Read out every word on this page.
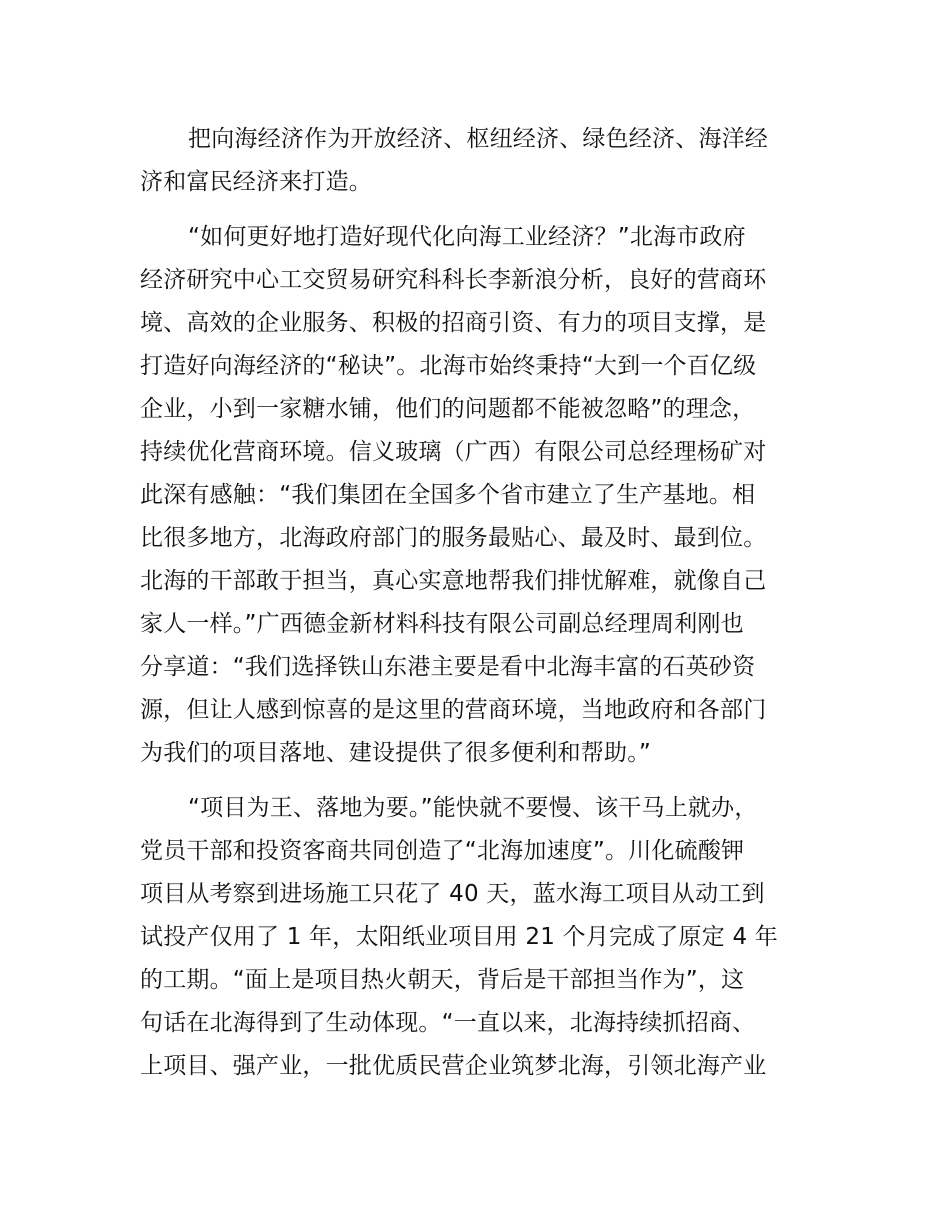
把向海经济作为开放经济、枢纽经济、绿色经济、海洋经
济和富民经济来打造。

“如何更好地打造好现代化向海工业经济？”北海市政府
经济研究中心工交贸易研究科科长李新浪分析，良好的营商环
境、高效的企业服务、积极的招商引资、有力的项目支撑，是
打造好向海经济的“秘诀”。北海市始终秉持“大到一个百亿级
企业，小到一家糖水铺，他们的问题都不能被忽略”的理念，
持续优化营商环境。信义玻璃（广西）有限公司总经理杨矿对
此深有感触：“我们集团在全国多个省市建立了生产基地。相
比很多地方，北海政府部门的服务最贴心、最及时、最到位。
北海的干部敢于担当，真心实意地帮我们排忧解难，就像自己
家人一样。”广西德金新材料科技有限公司副总经理周利刚也
分享道：“我们选择铁山东港主要是看中北海丰富的石英砂资
源，但让人感到惊喜的是这里的营商环境，当地政府和各部门
为我们的项目落地、建设提供了很多便利和帮助。”

“项目为王、落地为要。”能快就不要慢、该干马上就办，
党员干部和投资客商共同创造了“北海加速度”。川化硫酸钾
项目从考察到进场施工只花了 40 天，蓝水海工项目从动工到
试投产仅用了 1 年，太阳纸业项目用 21 个月完成了原定 4 年
的工期。“面上是项目热火朝天，背后是干部担当作为”，这
句话在北海得到了生动体现。“一直以来，北海持续抓招商、
上项目、强产业，一批优质民营企业筑梦北海，引领北海产业
